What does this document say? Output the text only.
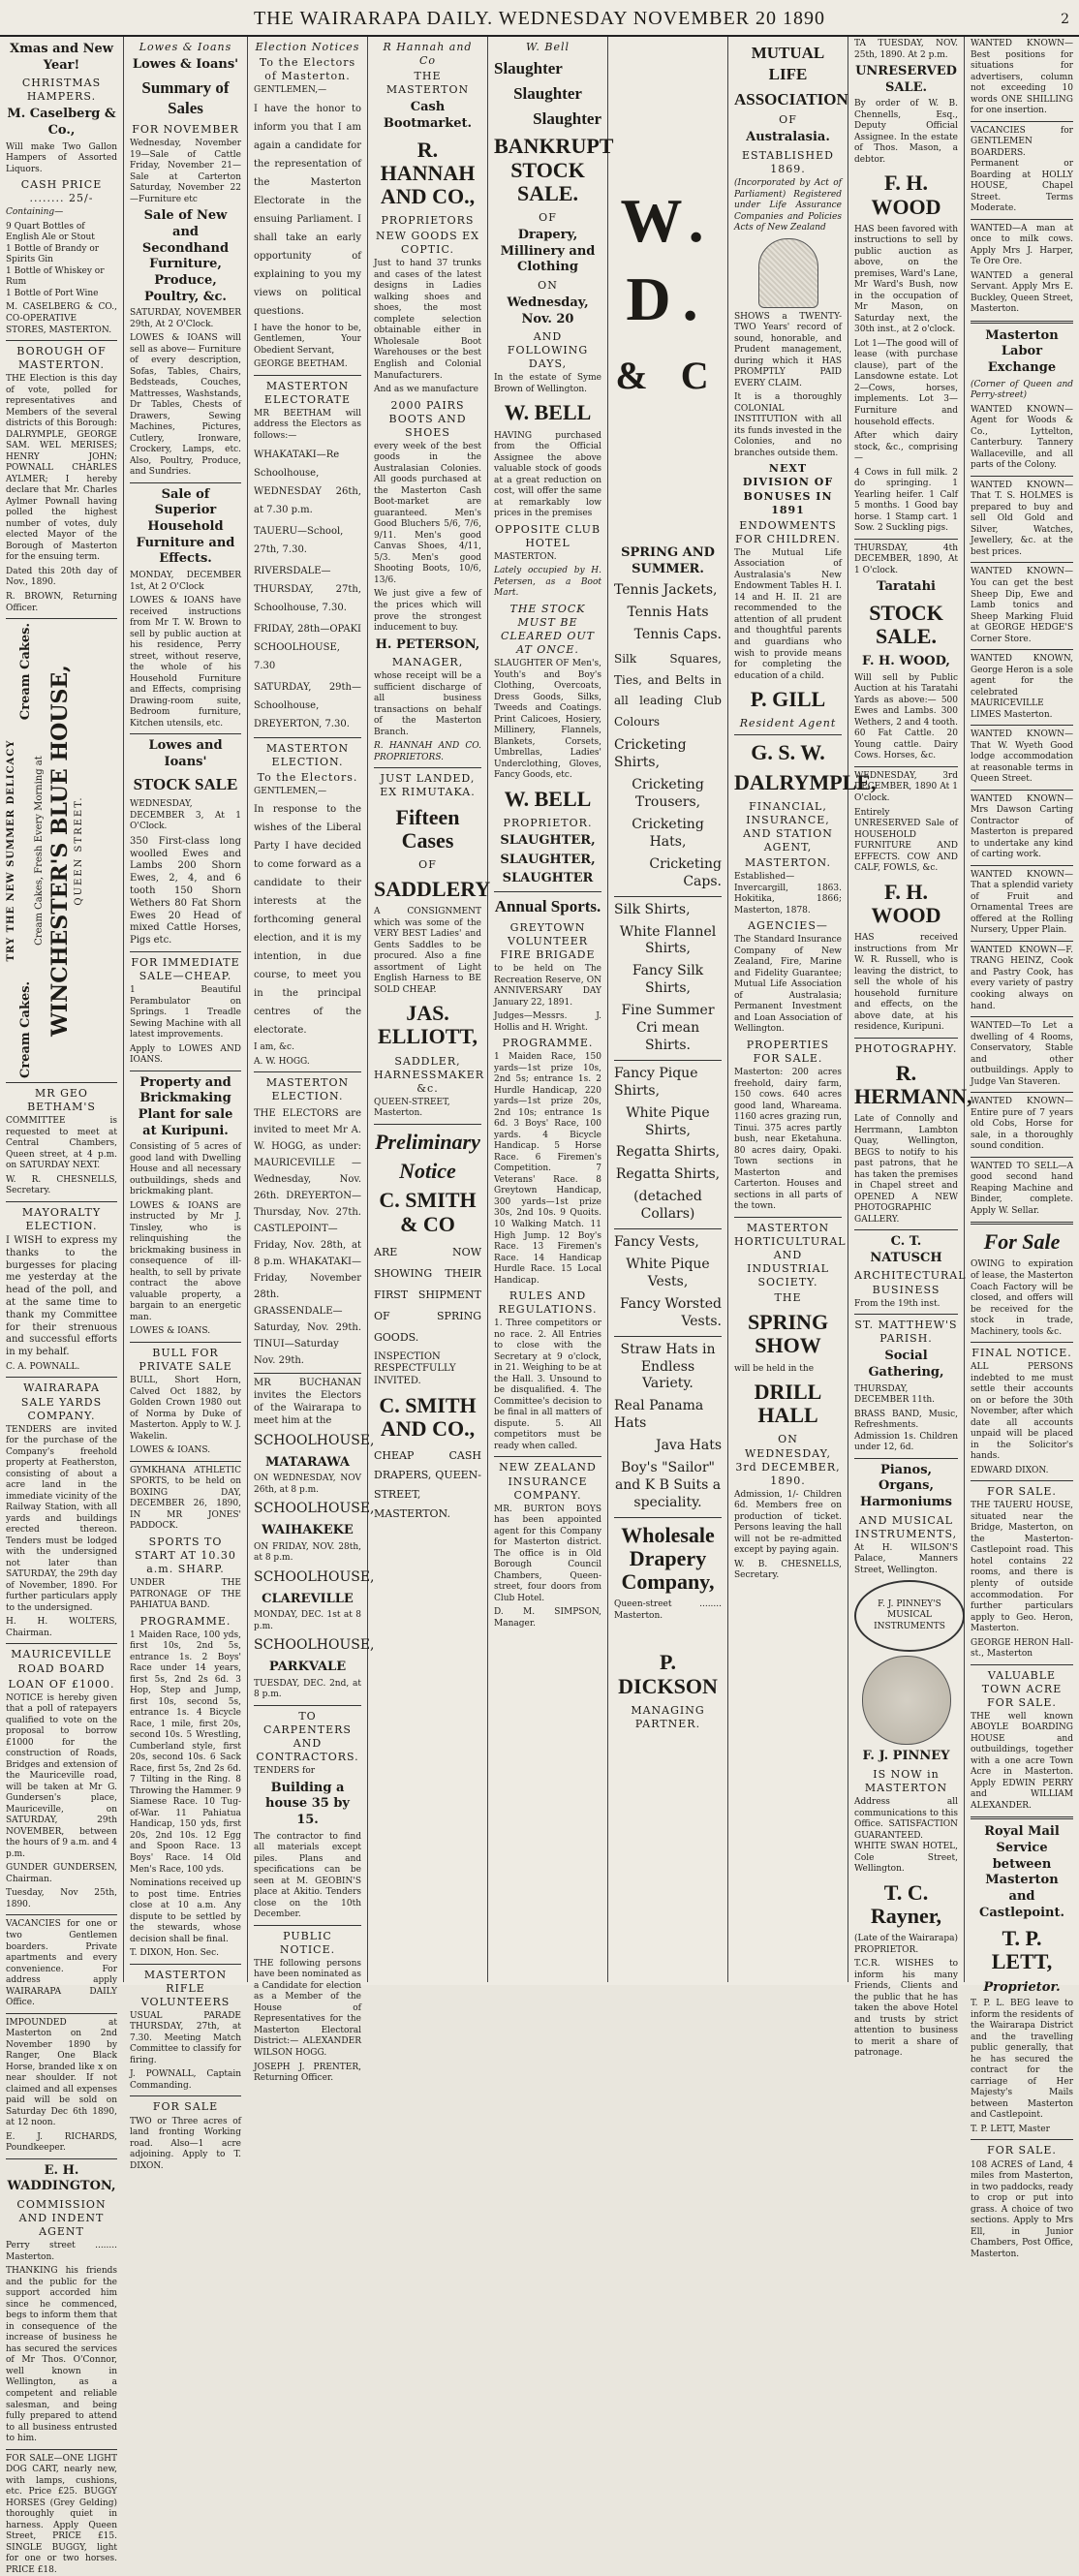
THE WAIRARAPA DAILY. WEDNESDAY NOVEMBER 20 1890	2
Xmas and New Year!
CHRISTMAS HAMPERS.
M. Caselberg & Co.,

Will make Two Gallon Hampers of Assorted Liquors.

CASH PRICE ........ 25/-

Containing—

9 Quart Bottles of English Ale or Stout
1 Bottle of Brandy or Spirits Gin
1 Bottle of Whiskey or Rum
1 Bottle of Port Wine

M. CASELBERG & CO., CO-OPERATIVE STORES, MASTERTON.

BOROUGH OF MASTERTON.

THE Election is this day of vote, polled for representatives and Members of the several districts of this Borough: DALRYMPLE, GEORGE SAM. WEL MERISES; HENRY JOHN; POWNALL CHARLES AYLMER; I hereby declare that Mr. Charles Aylmer Pownall having polled the highest number of votes, duly elected Mayor of the Borough of Masterton for the ensuing term.

Dated this 20th day of Nov., 1890.

R. BROWN, Returning Officer.

TRY THE NEW SUMMER DELICACY
Cream Cakes.
Cream Cakes.
Cream Cakes, Fresh Every Morning at WINCHESTER'S BLUE HOUSE, QUEEN STREET.
MR GEO BETHAM'S

COMMITTEE is requested to meet at Central Chambers, Queen street, at 4 p.m. on SATURDAY NEXT.

W. R. CHESNELLS, Secretary.

MAYORALTY ELECTION.

I WISH to express my thanks to the burgesses for placing me yesterday at the head of the poll, and at the same time to thank my Committee for their strenuous and successful efforts in my behalf.

C. A. POWNALL.

WAIRARAPA SALE YARDS COMPANY.

TENDERS are invited for the purchase of the Company's freehold property at Featherston, consisting of about a acre land in the immediate vicinity of the Railway Station, with all yards and buildings erected thereon. Tenders must be lodged with the undersigned not later than SATURDAY, the 29th day of November, 1890. For further particulars apply to the undersigned.

H. H. WOLTERS, Chairman.

MAURICEVILLE ROAD BOARD
LOAN OF £1000.

NOTICE is hereby given that a poll of ratepayers qualified to vote on the proposal to borrow £1000 for the construction of Roads, Bridges and extension of the Mauriceville road, will be taken at Mr G. Gundersen's place, Mauriceville, on SATURDAY, 29th NOVEMBER, between the hours of 9 a.m. and 4 p.m.

GUNDER GUNDERSEN, Chairman.

Tuesday, Nov 25th, 1890.

VACANCIES for one or two Gentlemen boarders. Private apartments and every convenience. For address apply WAIRARAPA DAILY Office.

IMPOUNDED at Masterton on 2nd November 1890 by Ranger, One Black Horse, branded like x on near shoulder. If not claimed and all expenses paid will be sold on Saturday Dec 6th 1890, at 12 noon.

E. J. RICHARDS, Poundkeeper.

E. H. WADDINGTON,
COMMISSION AND INDENT AGENT

Perry street ........ Masterton.

THANKING his friends and the public for the support accorded him since he commenced, begs to inform them that in consequence of the increase of business he has secured the services of Mr Thos. O'Connor, well known in Wellington, as a competent and reliable salesman, and being fully prepared to attend to all business entrusted to him.

FOR SALE—ONE LIGHT DOG CART, nearly new, with lamps, cushions, etc. Price £25. BUGGY HORSES (Grey Gelding) thoroughly quiet in harness. Apply Queen Street, PRICE £15. SINGLE BUGGY, light for one or two horses. PRICE £18.

Lowes & Ioans
Lowes & Ioans'
Summary of Sales
FOR NOVEMBER

Wednesday, November 19—Sale of Cattle Friday, November 21—Sale at Carterton Saturday, November 22—Furniture etc

Sale of New and Secondhand Furniture, Produce, Poultry, &c.

SATURDAY, NOVEMBER 29th, At 2 O'Clock.

LOWES & IOANS will sell as above— Furniture of every description, Sofas, Tables, Chairs, Bedsteads, Couches, Mattresses, Washstands, Dr Tables, Chests of Drawers, Sewing Machines, Pictures, Cutlery, Ironware, Crockery, Lamps, etc. Also, Poultry, Produce, and Sundries.

Sale of Superior Household Furniture and Effects.

MONDAY, DECEMBER 1st, At 2 O'Clock

LOWES & IOANS have received instructions from Mr T. W. Brown to sell by public auction at his residence, Perry street, without reserve, the whole of his Household Furniture and Effects, comprising Drawing-room suite, Bedroom furniture, Kitchen utensils, etc.

Lowes and Ioans'
STOCK SALE

WEDNESDAY, DECEMBER 3, At 1 O'Clock.

350 First-class long woolled Ewes and Lambs 200 Shorn Ewes, 2, 4, and 6 tooth 150 Shorn Wethers 80 Fat Shorn Ewes 20 Head of mixed Cattle Horses, Pigs etc.

FOR IMMEDIATE SALE—CHEAP.

1 Beautiful Perambulator on Springs. 1 Treadle Sewing Machine with all latest improvements.

Apply to LOWES AND IOANS.

Property and Brickmaking Plant for sale at Kuripuni.

Consisting of 5 acres of good land with Dwelling House and all necessary outbuildings, sheds and brickmaking plant.

LOWES & IOANS are instructed by Mr J. Tinsley, who is relinquishing the brickmaking business in consequence of ill-health, to sell by private contract the above valuable property, a bargain to an energetic man.

LOWES & IOANS.

BULL FOR PRIVATE SALE

BULL, Short Horn, Calved Oct 1882, by Golden Crown 1980 out of Norma by Duke of Masterton. Apply to W. J. Wakelin.

LOWES & IOANS.

GYMKHANA ATHLETIC SPORTS, to be held on BOXING DAY, DECEMBER 26, 1890, IN MR JONES' PADDOCK.

SPORTS TO START AT 10.30 a.m. SHARP.

UNDER THE PATRONAGE OF THE PAHIATUA BAND.

PROGRAMME.

1 Maiden Race, 100 yds, first 10s, 2nd 5s, entrance 1s. 2 Boys' Race under 14 years, first 5s, 2nd 2s 6d. 3 Hop, Step and Jump, first 10s, second 5s, entrance 1s. 4 Bicycle Race, 1 mile, first 20s, second 10s. 5 Wrestling, Cumberland style, first 20s, second 10s. 6 Sack Race, first 5s, 2nd 2s 6d. 7 Tilting in the Ring. 8 Throwing the Hammer. 9 Siamese Race. 10 Tug-of-War. 11 Pahiatua Handicap, 150 yds, first 20s, 2nd 10s. 12 Egg and Spoon Race. 13 Boys' Race. 14 Old Men's Race, 100 yds.

Nominations received up to post time. Entries close at 10 a.m. Any dispute to be settled by the stewards, whose decision shall be final.

T. DIXON, Hon. Sec.

MASTERTON RIFLE VOLUNTEERS

USUAL PARADE THURSDAY, 27th, at 7.30. Meeting Match Committee to classify for firing.

J. POWNALL, Captain Commanding.

FOR SALE

TWO or Three acres of land fronting Working road. Also—1 acre adjoining. Apply to T. DIXON.

Election Notices
To the Electors of Masterton.

GENTLEMEN,—

I have the honor to inform you that I am again a candidate for the representation of the Masterton Electorate in the ensuing Parliament. I shall take an early opportunity of explaining to you my views on political questions.

I have the honor to be, Gentlemen, Your Obedient Servant,

GEORGE BEETHAM.

MASTERTON ELECTORATE

MR BEETHAM will address the Electors as follows:—

WHAKATAKI—Re Schoolhouse, WEDNESDAY 26th, at 7.30 p.m.

TAUERU—School, 27th, 7.30.

RIVERSDALE—THURSDAY, 27th, Schoolhouse, 7.30.

FRIDAY, 28th—OPAKI SCHOOLHOUSE, 7.30

SATURDAY, 29th—Schoolhouse, DREYERTON, 7.30.

MASTERTON ELECTION.
To the Electors.

GENTLEMEN,—

In response to the wishes of the Liberal Party I have decided to come forward as a candidate to their interests at the forthcoming general election, and it is my intention, in due course, to meet you in the principal centres of the electorate.

I am, &c.

A. W. HOGG.

MASTERTON ELECTION.

THE ELECTORS are invited to meet Mr A. W. HOGG, as under: MAURICEVILLE — Wednesday, Nov. 26th. DREYERTON—Thursday, Nov. 27th. CASTLEPOINT—Friday, Nov. 28th, at 8 p.m. WHAKATAKI—Friday, November 28th. GRASSENDALE—Saturday, Nov. 29th. TINUI—Saturday Nov. 29th.

MR BUCHANAN invites the Electors of the Wairarapa to meet him at the

SCHOOLHOUSE,
MATARAWA

ON WEDNESDAY, NOV 26th, at 8 p.m.

SCHOOLHOUSE,
WAIHAKEKE

ON FRIDAY, NOV. 28th, at 8 p.m.

SCHOOLHOUSE,
CLAREVILLE

MONDAY, DEC. 1st at 8 p.m.

SCHOOLHOUSE,
PARKVALE

TUESDAY, DEC. 2nd, at 8 p.m.

TO CARPENTERS AND CONTRACTORS.

TENDERS for

Building a house 35 by 15.

The contractor to find all materials except piles. Plans and specifications can be seen at M. GEOBIN'S place at Akitio. Tenders close on the 10th December.

PUBLIC NOTICE.

THE following persons have been nominated as a Candidate for election as a Member of the House of Representatives for the Masterton Electoral District:— ALEXANDER WILSON HOGG.

JOSEPH J. PRENTER, Returning Officer.

R Hannah and Co
THE MASTERTON
Cash Bootmarket.
R. HANNAH AND CO.,
PROPRIETORS
NEW GOODS EX COPTIC.

Just to hand 37 trunks and cases of the latest designs in Ladies walking shoes and shoes, the most complete selection obtainable either in Wholesale Boot Warehouses or the best English and Colonial Manufacturers.

And as we manufacture

2000 PAIRS BOOTS AND SHOES

every week of the best goods in the Australasian Colonies. All goods purchased at the Masterton Cash Boot-market are guaranteed. Men's Good Bluchers 5/6, 7/6, 9/11. Men's good Canvas Shoes, 4/11, 5/3. Men's good Shooting Boots, 10/6, 13/6.

We just give a few of the prices which will prove the strongest inducement to buy.

H. PETERSON,
MANAGER,

whose receipt will be a sufficient discharge of all business transactions on behalf of the Masterton Branch.

R. HANNAH AND CO. PROPRIETORS.

JUST LANDED, EX RIMUTAKA.
Fifteen Cases
OF
SADDLERY

A CONSIGNMENT which was some of the VERY BEST Ladies' and Gents Saddles to be procured. Also a fine assortment of Light English Harness to BE SOLD CHEAP.

JAS. ELLIOTT,
SADDLER, HARNESSMAKER &c.

QUEEN-STREET, Masterton.

Preliminary
Notice
C. SMITH & CO

ARE NOW SHOWING THEIR FIRST SHIPMENT OF SPRING GOODS.

INSPECTION RESPECTFULLY INVITED.

C. SMITH AND CO.,

CHEAP CASH DRAPERS, QUEEN-STREET, MASTERTON.

W. Bell
Slaughter
Slaughter
Slaughter
BANKRUPT STOCK SALE.
OF
Drapery, Millinery and Clothing
ON
Wednesday, Nov. 20
AND FOLLOWING DAYS,

In the estate of Syme Brown of Wellington.

W. BELL

HAVING purchased from the Official Assignee the above valuable stock of goods at a great reduction on cost, will offer the same at remarkably low prices in the premises

OPPOSITE CLUB HOTEL

MASTERTON.

Lately occupied by H. Petersen, as a Boot Mart.

THE STOCK MUST BE CLEARED OUT AT ONCE.

SLAUGHTER OF Men's, Youth's and Boy's Clothing, Overcoats, Dress Goods, Silks, Tweeds and Coatings. Print Calicoes, Hosiery, Millinery, Flannels, Blankets, Corsets, Umbrellas, Ladies' Underclothing, Gloves, Fancy Goods, etc.

W. BELL
PROPRIETOR.
SLAUGHTER,
SLAUGHTER,
SLAUGHTER
Annual Sports.
GREYTOWN VOLUNTEER FIRE BRIGADE

to be held on The Recreation Reserve, ON ANNIVERSARY DAY January 22, 1891.

Judges—Messrs. J. Hollis and H. Wright.

PROGRAMME.

1 Maiden Race, 150 yards—1st prize 10s, 2nd 5s; entrance 1s. 2 Hurdle Handicap, 220 yards—1st prize 20s, 2nd 10s; entrance 1s 6d. 3 Boys' Race, 100 yards. 4 Bicycle Handicap. 5 Horse Race. 6 Firemen's Competition. 7 Veterans' Race. 8 Greytown Handicap, 300 yards—1st prize 30s, 2nd 10s. 9 Quoits. 10 Walking Match. 11 High Jump. 12 Boy's Race. 13 Firemen's Race. 14 Handicap Hurdle Race. 15 Local Handicap.

RULES AND REGULATIONS.

1. Three competitors or no race. 2. All Entries to close with the Secretary at 9 o'clock, in 21. Weighing to be at the Hall. 3. Unsound to be disqualified. 4. The Committee's decision to be final in all matters of dispute. 5. All competitors must be ready when called.

NEW ZEALAND INSURANCE COMPANY.

MR. BURTON BOYS has been appointed agent for this Company for Masterton district. The office is in Old Borough Council Chambers, Queen-street, four doors from Club Hotel.

D. M. SIMPSON, Manager.

W. D.
& C
SPRING AND SUMMER.
Tennis Jackets,
Tennis Hats
Tennis Caps.

Silk Squares, Ties, and Belts in all leading Club Colours

Cricketing Shirts,
Cricketing Trousers,
Cricketing Hats,
Cricketing Caps.
Silk Shirts,
White Flannel Shirts,
Fancy Silk Shirts,
Fine Summer Cri mean Shirts.
Fancy Pique Shirts,
White Pique Shirts,
Regatta Shirts,
Regatta Shirts,
(detached Collars)
Fancy Vests,
White Pique Vests,
Fancy Worsted Vests.
Straw Hats in Endless Variety.
Real Panama Hats
Java Hats
Boy's "Sailor" and K B Suits a speciality.
Wholesale Drapery Company,

Queen-street ........ Masterton.

P. DICKSON
MANAGING PARTNER.
MUTUAL LIFE
ASSOCIATION
OF
Australasia.
ESTABLISHED 1869.

(Incorporated by Act of Parliament) Registered under Life Assurance Companies and Policies Acts of New Zealand

SHOWS a TWENTY-TWO Years' record of sound, honorable, and Prudent management, during which it HAS PROMPTLY PAID EVERY CLAIM.

It is a thoroughly COLONIAL INSTITUTION with all its funds invested in the Colonies, and no branches outside them.

NEXT DIVISION OF BONUSES IN 1891
ENDOWMENTS FOR CHILDREN.

The Mutual Life Association of Australasia's New Endowment Tables H. I. 14 and H. II. 21 are recommended to the attention of all prudent and thoughtful parents and guardians who wish to provide means for completing the education of a child.

P. GILL
Resident Agent
G. S. W.
DALRYMPLE,
FINANCIAL, INSURANCE, AND STATION AGENT,
MASTERTON.

Established—Invercargill, 1863. Hokitika, 1866; Masterton, 1878.

AGENCIES—

The Standard Insurance Company of New Zealand, Fire, Marine and Fidelity Guarantee; Mutual Life Association of Australasia; Permanent Investment and Loan Association of Wellington.

PROPERTIES FOR SALE.

Masterton: 200 acres freehold, dairy farm, 150 cows. 640 acres good land, Whareama. 1160 acres grazing run, Tinui. 375 acres partly bush, near Eketahuna. 80 acres dairy, Opaki. Town sections in Masterton and Carterton. Houses and sections in all parts of the town.

MASTERTON HORTICULTURAL AND INDUSTRIAL SOCIETY.
THE
SPRING SHOW

will be held in the

DRILL HALL
ON WEDNESDAY, 3rd DECEMBER, 1890.

Admission, 1/- Children 6d. Members free on production of ticket. Persons leaving the hall will not be re-admitted except by paying again.

W. B. CHESNELLS, Secretary.

TA TUESDAY, NOV. 25th, 1890. At 2 p.m.

UNRESERVED SALE.

By order of W. B. Chennells, Esq., Deputy Official Assignee. In the estate of Thos. Mason, a debtor.

F. H. WOOD

HAS been favored with instructions to sell by public auction as above, on the premises, Ward's Lane, Mr Ward's Bush, now in the occupation of Mr Mason, on Saturday next, the 30th inst., at 2 o'clock.

Lot 1—The good will of lease (with purchase clause), part of the Lansdowne estate. Lot 2—Cows, horses, implements. Lot 3—Furniture and household effects.

After which dairy stock, &c., comprising—

4 Cows in full milk. 2 do springing. 1 Yearling heifer. 1 Calf 5 months. 1 Good bay horse. 1 Stamp cart. 1 Sow. 2 Suckling pigs.

THURSDAY, 4th DECEMBER, 1890, At 1 O'clock.

Taratahi
STOCK SALE.
F. H. WOOD,

Will sell by Public Auction at his Taratahi Yards as above:— 500 Ewes and Lambs. 300 Wethers, 2 and 4 tooth. 60 Fat Cattle. 20 Young cattle. Dairy Cows. Horses, &c.

WEDNESDAY, 3rd DECEMBER, 1890 At 1 O'clock.

Entirely UNRESERVED Sale of HOUSEHOLD FURNITURE AND EFFECTS. COW AND CALF, FOWLS, &c.

F. H. WOOD

HAS received instructions from Mr W. R. Russell, who is leaving the district, to sell the whole of his household furniture and effects, on the above date, at his residence, Kuripuni.

PHOTOGRAPHY.
R. HERMANN,

Late of Connolly and Herrmann, Lambton Quay, Wellington, BEGS to notify to his past patrons, that he has taken the premises in Chapel street and OPENED A NEW PHOTOGRAPHIC GALLERY.

C. T. NATUSCH
ARCHITECTURAL BUSINESS

From the 19th inst.

ST. MATTHEW'S PARISH.
Social Gathering,

THURSDAY, DECEMBER 11th.

BRASS BAND, Music, Refreshments. Admission 1s. Children under 12, 6d.

Pianos, Organs, Harmoniums
AND MUSICAL INSTRUMENTS,

At H. WILSON'S Palace, Manners Street, Wellington.

F. J. PINNEY'S MUSICAL INSTRUMENTS
F. J. PINNEY
IS NOW in MASTERTON

Address all communications to this Office. SATISFACTION GUARANTEED. WHITE SWAN HOTEL, Cole Street, Wellington.

T. C. Rayner,

(Late of the Wairarapa) PROPRIETOR.

T.C.R. WISHES to inform his many Friends, Clients and the public that he has taken the above Hotel and trusts by strict attention to business to merit a share of patronage.

WANTED KNOWN—Best positions for situations for advertisers, column not exceeding 10 words ONE SHILLING for one insertion.

VACANCIES for GENTLEMEN BOARDERS. Permanent or Boarding at HOLLY HOUSE, Chapel Street. Terms Moderate.

WANTED—A man at once to milk cows. Apply Mrs J. Harper, Te Ore Ore.

WANTED a general Servant. Apply Mrs E. Buckley, Queen Street, Masterton.

Masterton Labor Exchange

(Corner of Queen and Perry-street)

WANTED KNOWN—Agent for Woods & Co., Lyttelton, Canterbury. Tannery Wallaceville, and all parts of the Colony.

WANTED KNOWN—That T. S. HOLMES is prepared to buy and sell Old Gold and Silver, Watches, Jewellery, &c. at the best prices.

WANTED KNOWN—You can get the best Sheep Dip, Ewe and Lamb tonics and Sheep Marking Fluid at GEORGE HEDGE'S Corner Store.

WANTED KNOWN, George Heron is a sole agent for the celebrated MAURICEVILLE LIMES Masterton.

WANTED KNOWN—That W. Wyeth Good lodge accommodation at reasonable terms in Queen Street.

WANTED KNOWN—Mrs Dawson Carting Contractor of Masterton is prepared to undertake any kind of carting work.

WANTED KNOWN—That a splendid variety of Fruit and Ornamental Trees are offered at the Rolling Nursery, Upper Plain.

WANTED KNOWN—F. TRANG HEINZ, Cook and Pastry Cook, has every variety of pastry cooking always on hand.

WANTED—To Let a dwelling of 4 Rooms, Conservatory, Stable and other outbuildings. Apply to Judge Van Staveren.

WANTED KNOWN—Entire pure of 7 years old Cobs, Horse for sale, in a thoroughly sound condition.

WANTED TO SELL—A good second hand Reaping Machine and Binder, complete. Apply W. Sellar.

For Sale

OWING to expiration of lease, the Masterton Coach Factory will be closed, and offers will be received for the stock in trade, Machinery, tools &c.

FINAL NOTICE.

ALL PERSONS indebted to me must settle their accounts on or before the 30th November, after which date all accounts unpaid will be placed in the Solicitor's hands.

EDWARD DIXON.

FOR SALE.

THE TAUERU HOUSE, situated near the Bridge, Masterton, on the Masterton-Castlepoint road. This hotel contains 22 rooms, and there is plenty of outside accommodation. For further particulars apply to Geo. Heron, Masterton.

GEORGE HERON Hall-st., Masterton

VALUABLE TOWN ACRE FOR SALE.

THE well known ABOYLE BOARDING HOUSE and outbuildings, together with a one acre Town Acre in Masterton. Apply EDWIN PERRY and WILLIAM ALEXANDER.

Royal Mail Service between Masterton and Castlepoint.
T. P. LETT,
Proprietor.

T. P. L. BEG leave to inform the residents of the Wairarapa District and the travelling public generally, that he has secured the contract for the carriage of Her Majesty's Mails between Masterton and Castlepoint.

T. P. LETT, Master

FOR SALE.

108 ACRES of Land, 4 miles from Masterton, in two paddocks, ready to crop or put into grass. A choice of two sections. Apply to Mrs Ell, in Junior Chambers, Post Office, Masterton.
